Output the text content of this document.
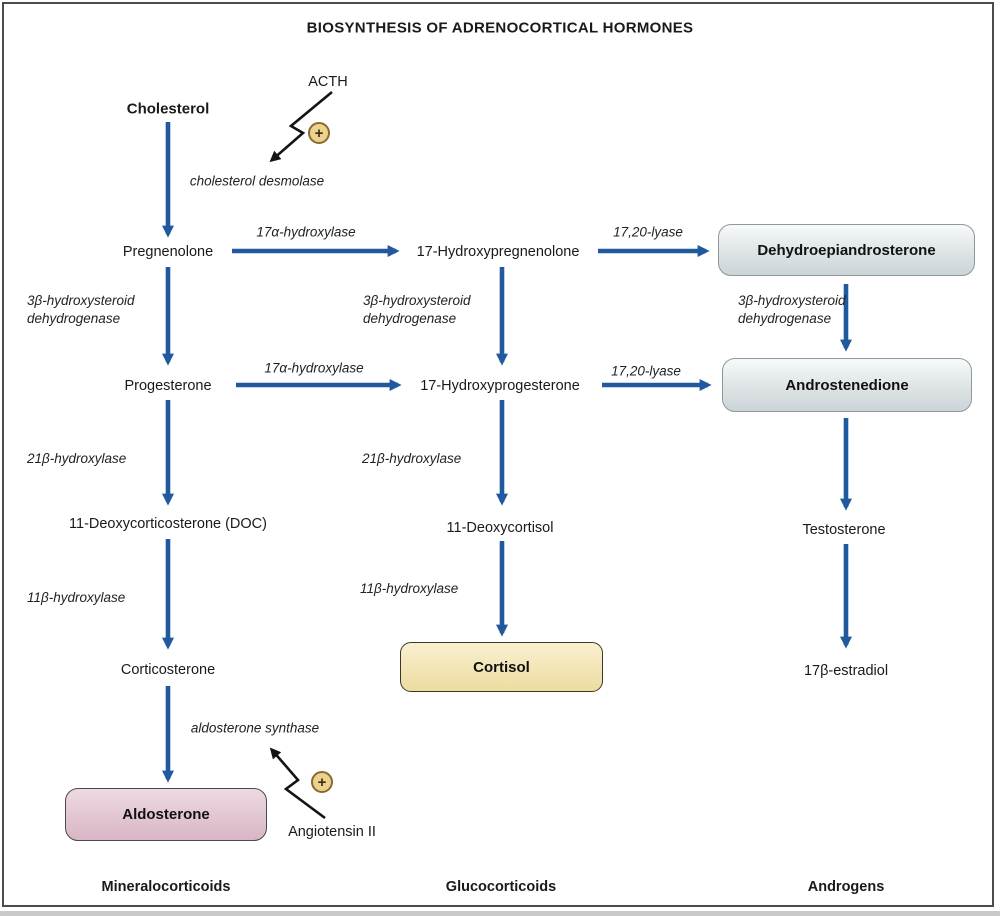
BIOSYNTHESIS OF ADRENOCORTICAL HORMONES
ACTH
+
Cholesterol
cholesterol desmolase
Pregnenolone
17α-hydroxylase
17-Hydroxypregnenolone
17,20-lyase
3β-hydroxysteroid
dehydrogenase
3β-hydroxysteroid
dehydrogenase
3β-hydroxysteroid
dehydrogenase
Progesterone
17α-hydroxylase
17-Hydroxyprogesterone
17,20-lyase
21β-hydroxylase	21β-hydroxylase
11-Deoxycorticosterone (DOC)	11-Deoxycortisol
11β-hydroxylase
11β-hydroxylase
Corticosterone
aldosterone synthase
+
Angiotensin II
Testosterone
17β-estradiol
Dehydroepiandrosterone
Androstenedione
Cortisol
Aldosterone
Mineralocorticoids	Glucocorticoids	Androgens
